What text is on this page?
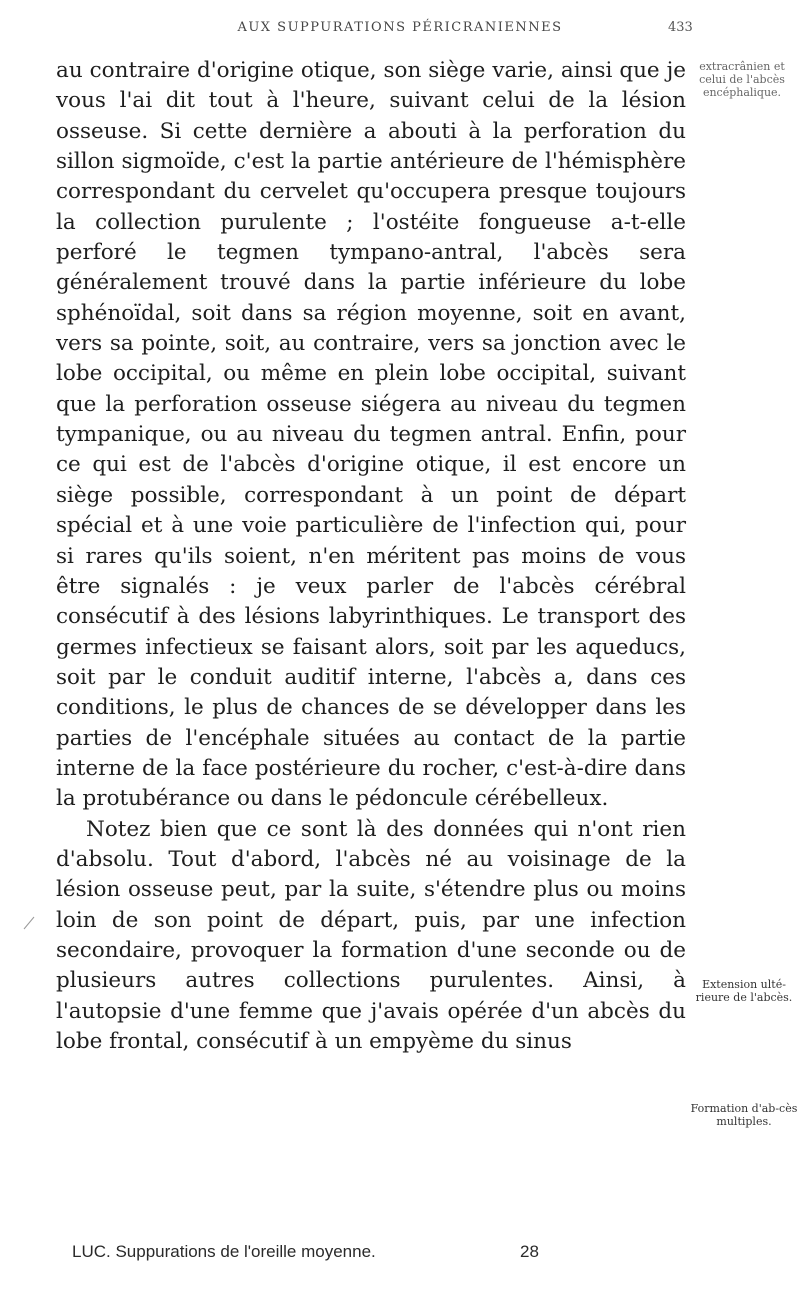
AUX SUPPURATIONS PÉRICRANIENNES	433
extracrânien et celui de l'abcès encéphalique.

au contraire d'origine otique, son siège varie, ainsi que je vous l'ai dit tout à l'heure, suivant celui de la lésion osseuse. Si cette dernière a abouti à la perforation du sillon sigmoïde, c'est la partie antérieure de l'hémisphère correspondant du cervelet qu'occupera presque toujours la collection purulente ; l'ostéite fongueuse a-t-elle perforé le tegmen tympano-antral, l'abcès sera généralement trouvé dans la partie inférieure du lobe sphénoïdal, soit dans sa région moyenne, soit en avant, vers sa pointe, soit, au contraire, vers sa jonction avec le lobe occipital, ou même en plein lobe occipital, suivant que la perforation osseuse siégera au niveau du tegmen tympanique, ou au niveau du tegmen antral. Enfin, pour ce qui est de l'abcès d'origine otique, il est encore un siège possible, correspondant à un point de départ spécial et à une voie particulière de l'infection qui, pour si rares qu'ils soient, n'en méritent pas moins de vous être signalés : je veux parler de l'abcès cérébral consécutif à des lésions labyrinthiques. Le transport des germes infectieux se faisant alors, soit par les aqueducs, soit par le conduit auditif interne, l'abcès a, dans ces conditions, le plus de chances de se développer dans les parties de l'encéphale situées au contact de la partie interne de la face postérieure du rocher, c'est-à-dire dans la protubérance ou dans le pédoncule cérébelleux.

Notez bien que ce sont là des données qui n'ont rien d'absolu. Tout d'abord, l'abcès né au voisinage de la lésion osseuse peut, par la suite, s'étendre plus ou moins loin de son point de départ, puis, par une infection secondaire, provoquer la formation d'une seconde ou de plusieurs autres collections purulentes. Ainsi, à l'autopsie d'une femme que j'avais opérée d'un abcès du lobe frontal, consécutif à un empyème du sinus

Extension ulté-rieure de l'abcès.
Formation d'ab-cès multiples.
LUC. Suppurations de l'oreille moyenne.	28
